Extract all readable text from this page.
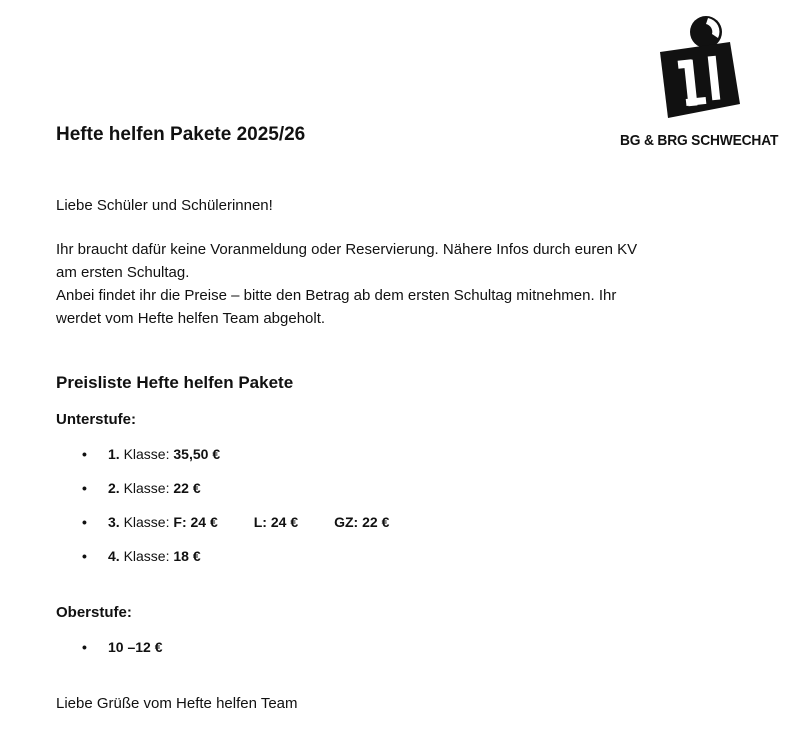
BG & BRG SCHWECHAT
Hefte helfen Pakete 2025/26

Liebe Schüler und Schülerinnen!

Ihr braucht dafür keine Voranmeldung oder Reservierung. Nähere Infos durch euren KV

am ersten Schultag.

Anbei findet ihr die Preise – bitte den Betrag ab dem ersten Schultag mitnehmen. Ihr

werdet vom Hefte helfen Team abgeholt.

Preisliste Hefte helfen Pakete
Unterstufe:
• 1. Klasse: 35,50 €
• 2. Klasse: 22 €
• 3. Klasse: F: 24 €	L: 24 €	GZ: 22 €
• 4. Klasse: 18 €
Oberstufe:
• 10 –12 €

Liebe Grüße vom Hefte helfen Team
